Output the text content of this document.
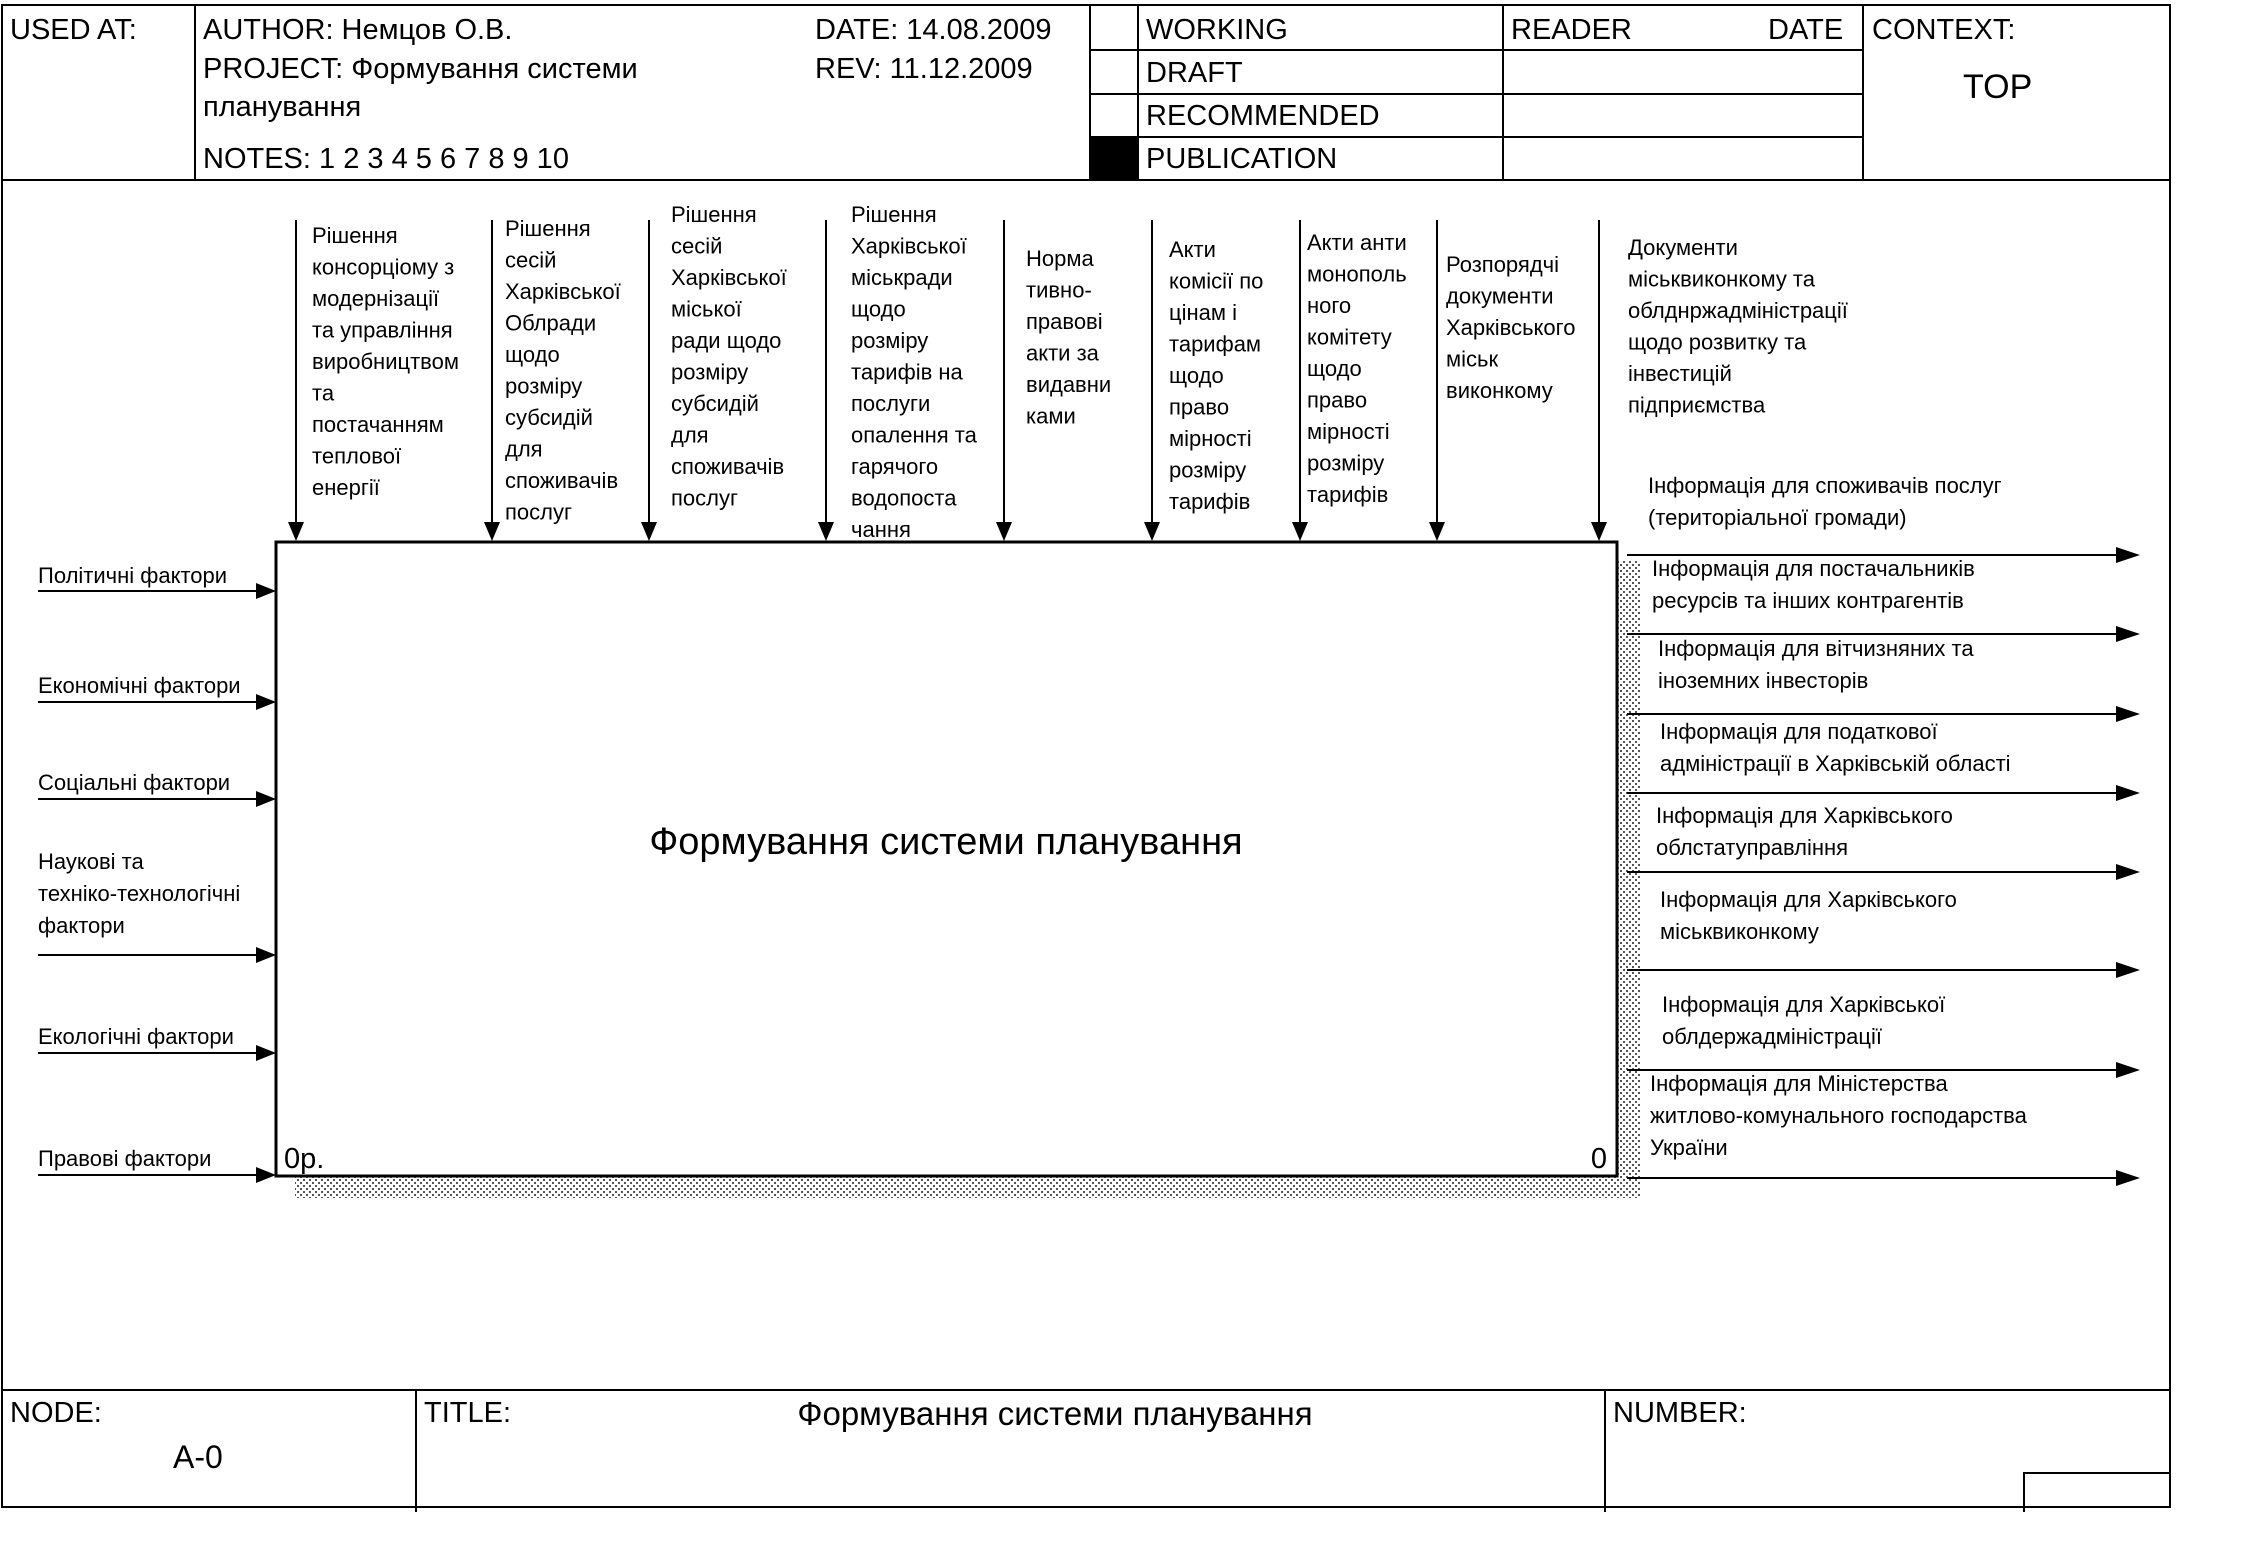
USED AT: AUTHOR: Немцов О.В.
PROJECT: Формування системи
планування
NOTES: 1 2 3 4 5 6 7 8 9 10
DATE: 14.08.2009
REV: 11.12.2009
WORKING
DRAFT
RECOMMENDED
PUBLICATION
READER	DATE CONTEXT:
TOP
Формування системи планування
0р.	0
Рішення консорціому з модернізації та управління виробництвом та постачанням теплової енергії
Рішення сесій Харківської Облради щодо розміру субсидій для споживачів послуг
Рішення сесій Харківської міської ради щодо розміру субсидій для споживачів послуг
Рішення Харківської міськради щодо розміру тарифів на послуги опалення та гарячого водопоста чання
Норма тивно-правові акти за видавни ками
Акти комісії по цінам і тарифам щодо право мірності розміру тарифів
Акти анти монополь ного комітету щодо право мірності розміру тарифів
Розпорядчі документи Харківського міськ виконкому
Документи міськвиконкому та облднржадміністрації щодо розвитку та інвестицій підприємства
Політичні фактори
Економічні фактори
Соціальні фактори
Наукові та техніко-технологічні фактори
Екологічні фактори
Правові фактори
Інформація для споживачів послуг (територіальної громади)
Інформація для постачальників ресурсів та інших контрагентів
Інформація для вітчизняних та іноземних інвесторів
Інформація для податкової адміністрації в Харківській області
Інформація для Харківського облстатуправління
Інформація для Харківського міськвиконкому
Інформація для Харківської облдержадміністрації
Інформація для Міністерства житлово-комунального господарства України
NODE:
А-0
TITLE:	Формування системи планування	NUMBER:
